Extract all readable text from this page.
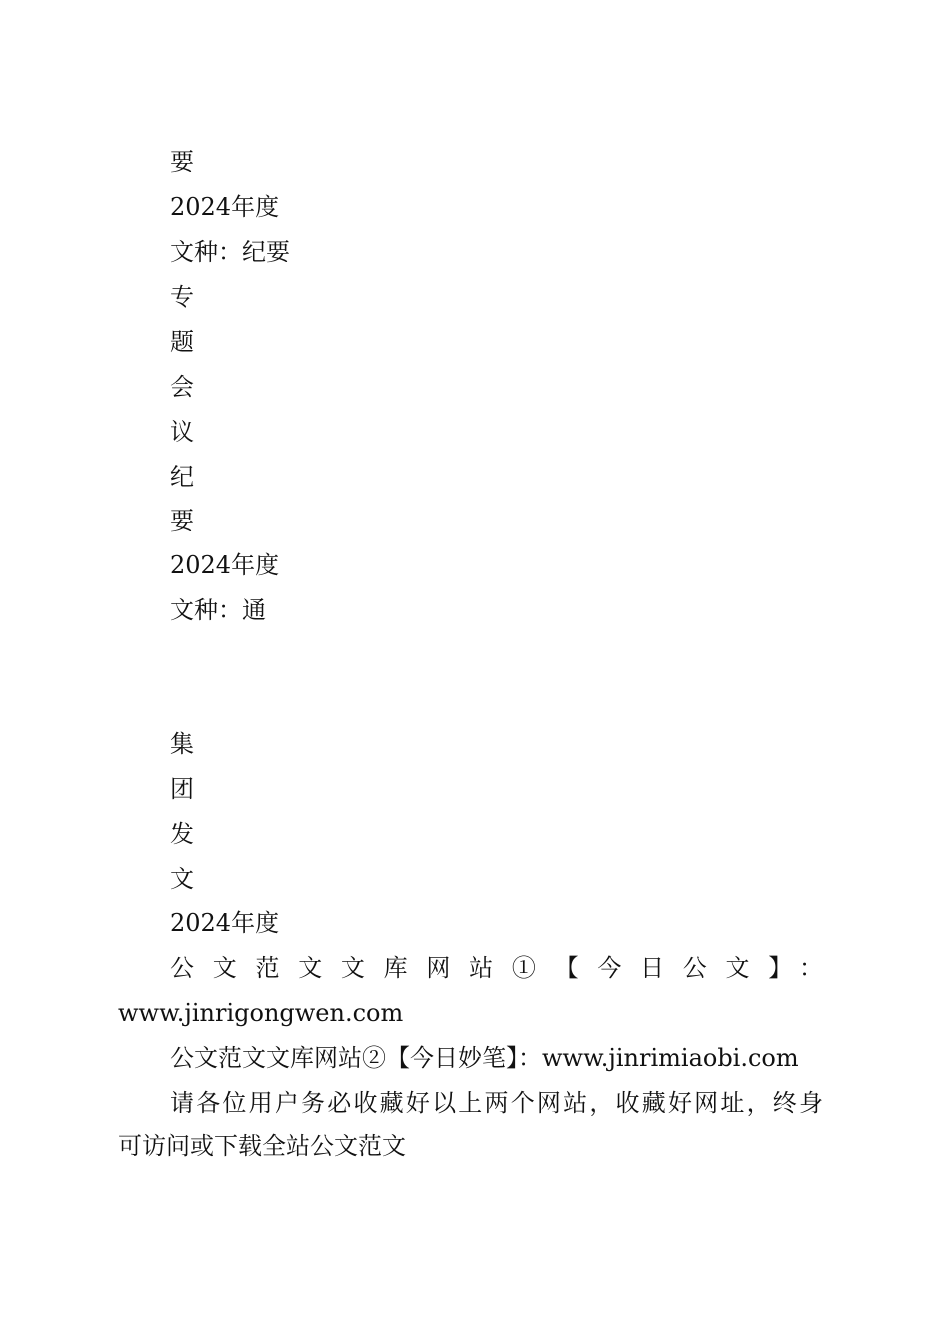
要
2024年度
文种：纪要
专
题
会
议
纪
要
2024年度
文种：通
集
团
发
文
2024年度
公文范文文库网站①【今日公文】：
www.jinrigongwen.com
公文范文文库网站②【今日妙笔】：www.jinrimiaobi.com
请各位用户务必收藏好以上两个网站，收藏好网址，终身
可访问或下载全站公文范文
